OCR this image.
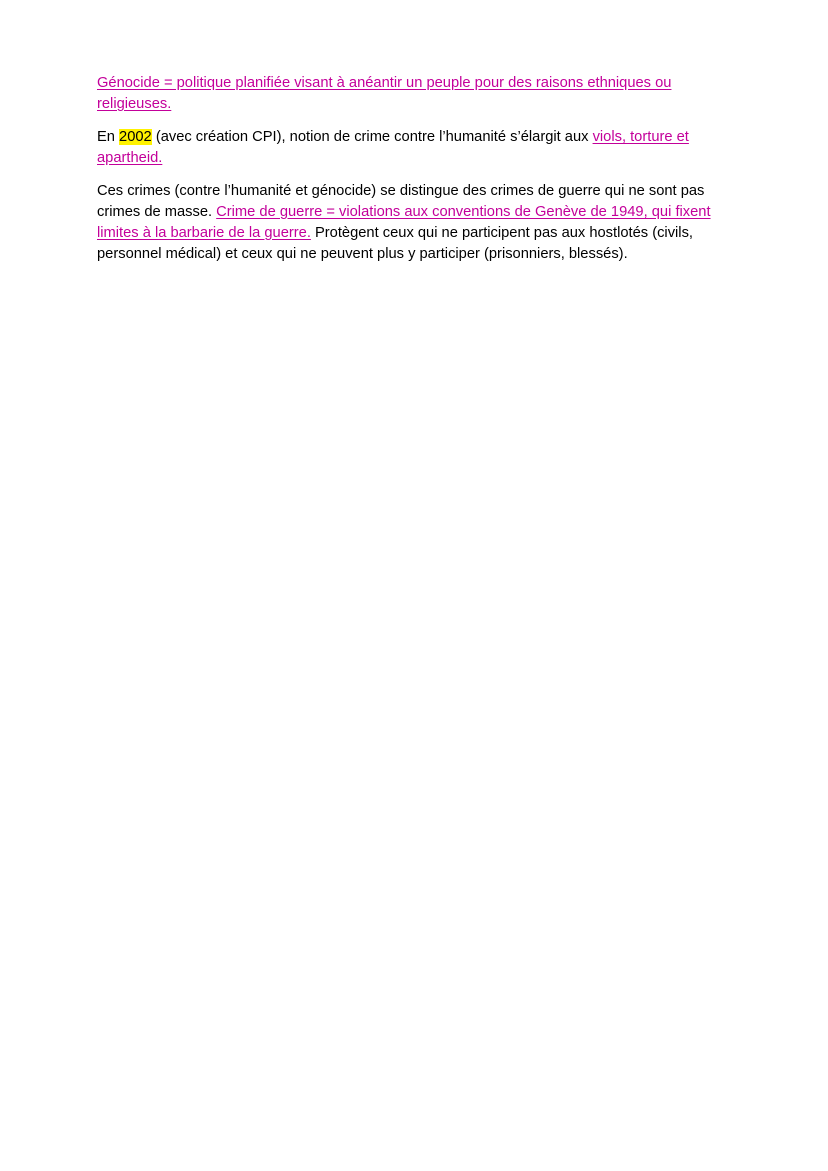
Génocide = politique planifiée visant à anéantir un peuple pour des raisons ethniques ou religieuses.

En 2002 (avec création CPI), notion de crime contre l’humanité s’élargit aux viols, torture et apartheid.

Ces crimes (contre l’humanité et génocide) se distingue des crimes de guerre qui ne sont pas crimes de masse. Crime de guerre = violations aux conventions de Genève de 1949, qui fixent limites à la barbarie de la guerre. Protègent ceux qui ne participent pas aux hostlotés (civils, personnel médical) et ceux qui ne peuvent plus y participer (prisonniers, blessés).
